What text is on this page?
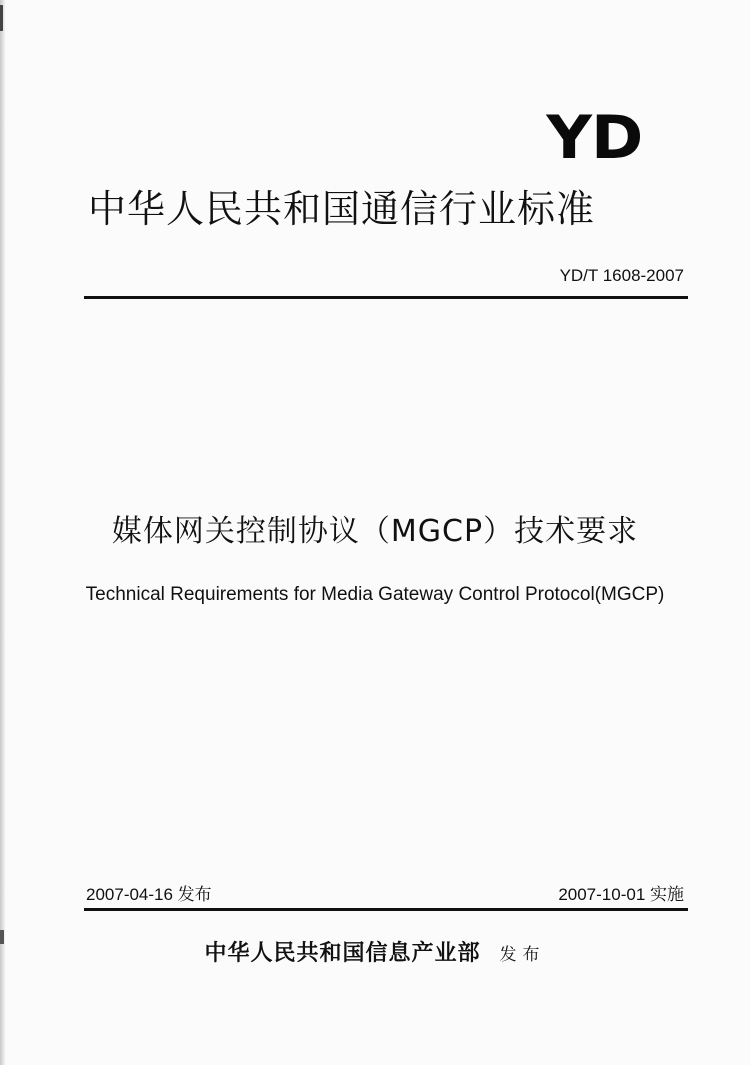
YD
中华人民共和国通信行业标准
YD/T 1608-2007
媒体网关控制协议（MGCP）技术要求
Technical Requirements for Media Gateway Control Protocol(MGCP)
2007-04-16 发布	2007-10-01 实施
中华人民共和国信息产业部 发布
